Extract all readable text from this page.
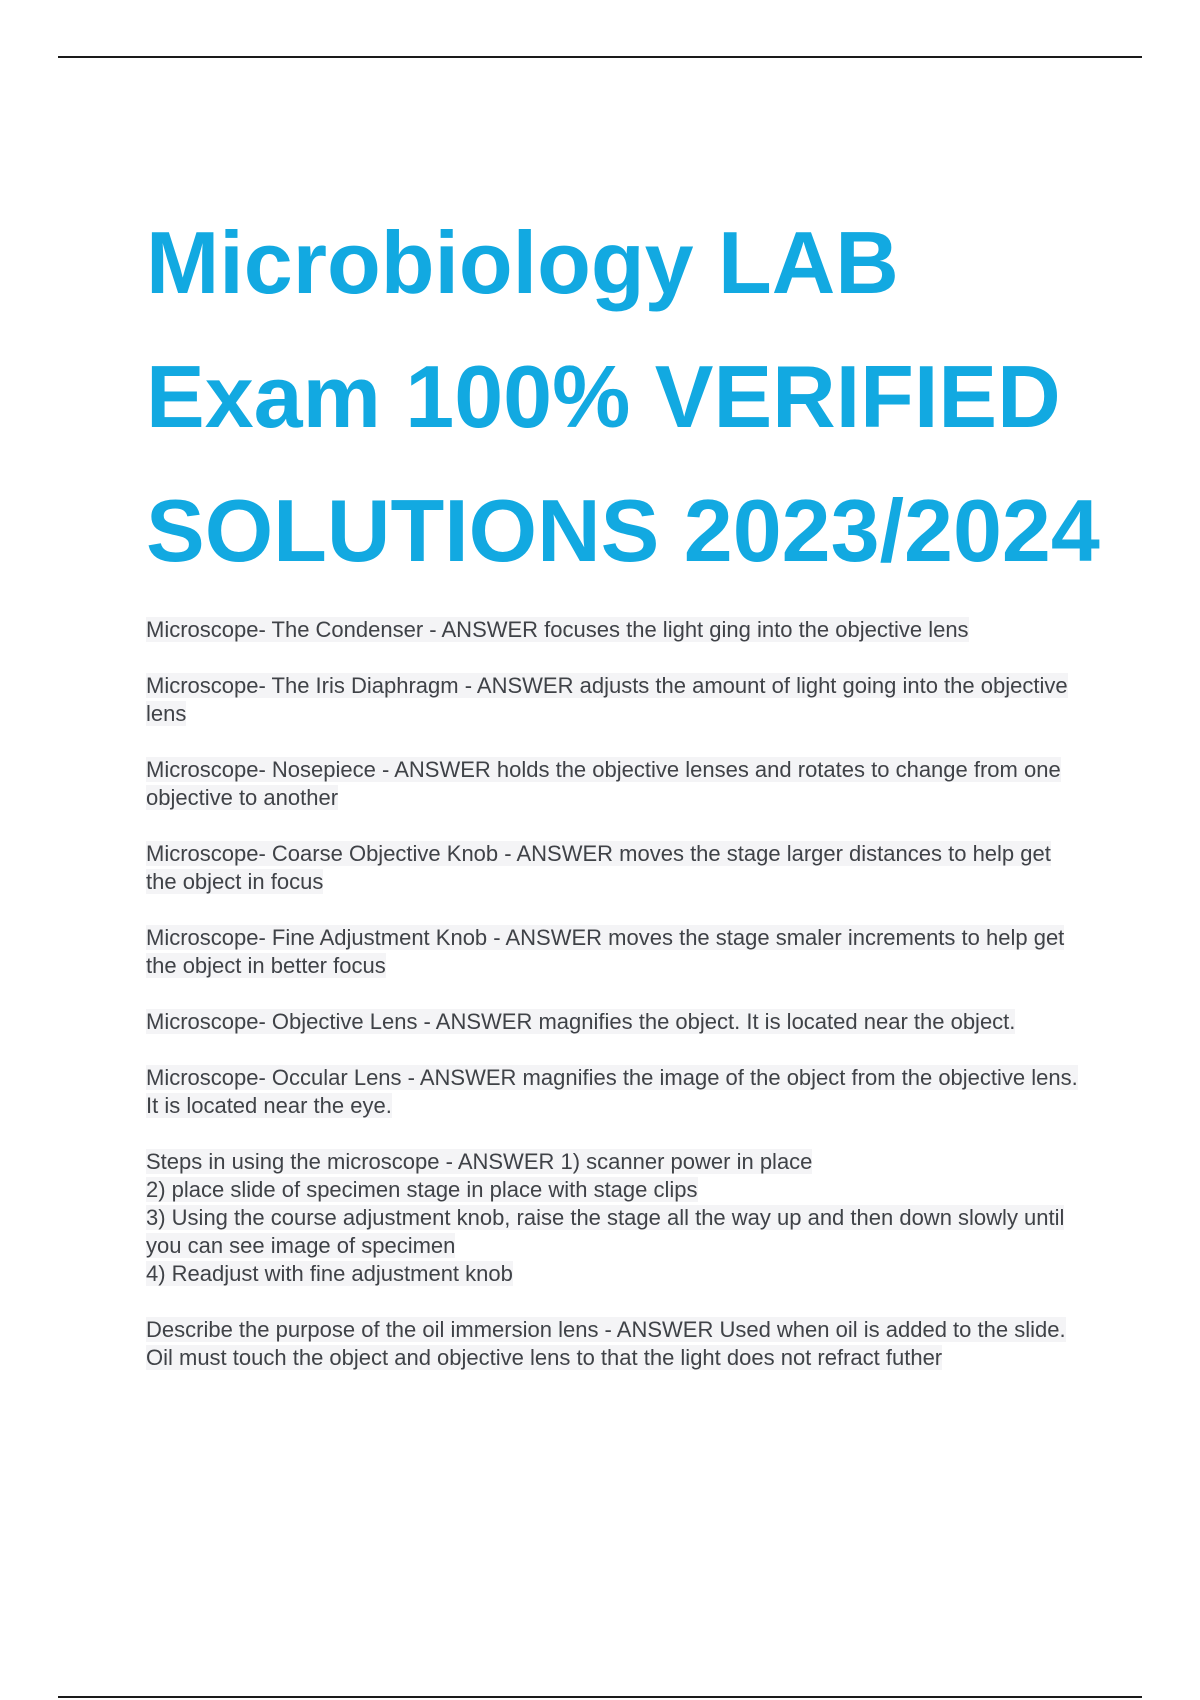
Microbiology LAB
Exam 100% VERIFIED
SOLUTIONS 2023/2024
Microscope- The Condenser - ANSWER focuses the light ging into the objective lens
Microscope- The Iris Diaphragm - ANSWER adjusts the amount of light going into the objective lens
Microscope- Nosepiece - ANSWER holds the objective lenses and rotates to change from one objective to another
Microscope- Coarse Objective Knob - ANSWER moves the stage larger distances to help get the object in focus
Microscope- Fine Adjustment Knob - ANSWER moves the stage smaler increments to help get the object in better focus
Microscope- Objective Lens - ANSWER magnifies the object. It is located near the object.
Microscope- Occular Lens - ANSWER magnifies the image of the object from the objective lens. It is located near the eye.
Steps in using the microscope - ANSWER 1) scanner power in place
2) place slide of specimen stage in place with stage clips
3) Using the course adjustment knob, raise the stage all the way up and then down slowly until you can see image of specimen
4) Readjust with fine adjustment knob
Describe the purpose of the oil immersion lens - ANSWER Used when oil is added to the slide. Oil must touch the object and objective lens to that the light does not refract futher
